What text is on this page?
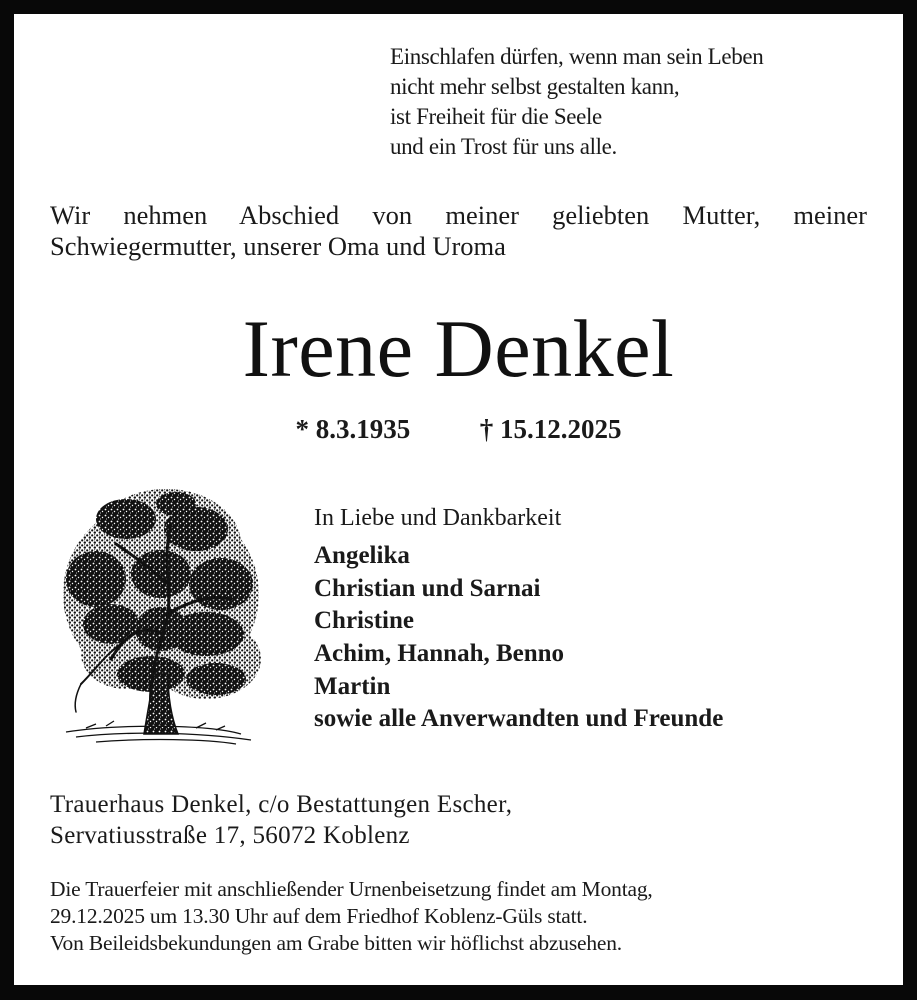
Einschlafen dürfen, wenn man sein Leben
nicht mehr selbst gestalten kann,
ist Freiheit für die Seele
und ein Trost für uns alle.
Wir nehmen Abschied von meiner geliebten Mutter, meiner
Schwiegermutter, unserer Oma und Uroma
Irene Denkel
* 8.3.1935	† 15.12.2025
In Liebe und Dankbarkeit
Angelika
Christian und Sarnai
Christine
Achim, Hannah, Benno
Martin
sowie alle Anverwandten und Freunde
Trauerhaus Denkel, c/o Bestattungen Escher,
Servatiusstraße 17, 56072 Koblenz
Die Trauerfeier mit anschließender Urnenbeisetzung findet am Montag,
29.12.2025 um 13.30 Uhr auf dem Friedhof Koblenz-Güls statt.
Von Beileidsbekundungen am Grabe bitten wir höflichst abzusehen.
